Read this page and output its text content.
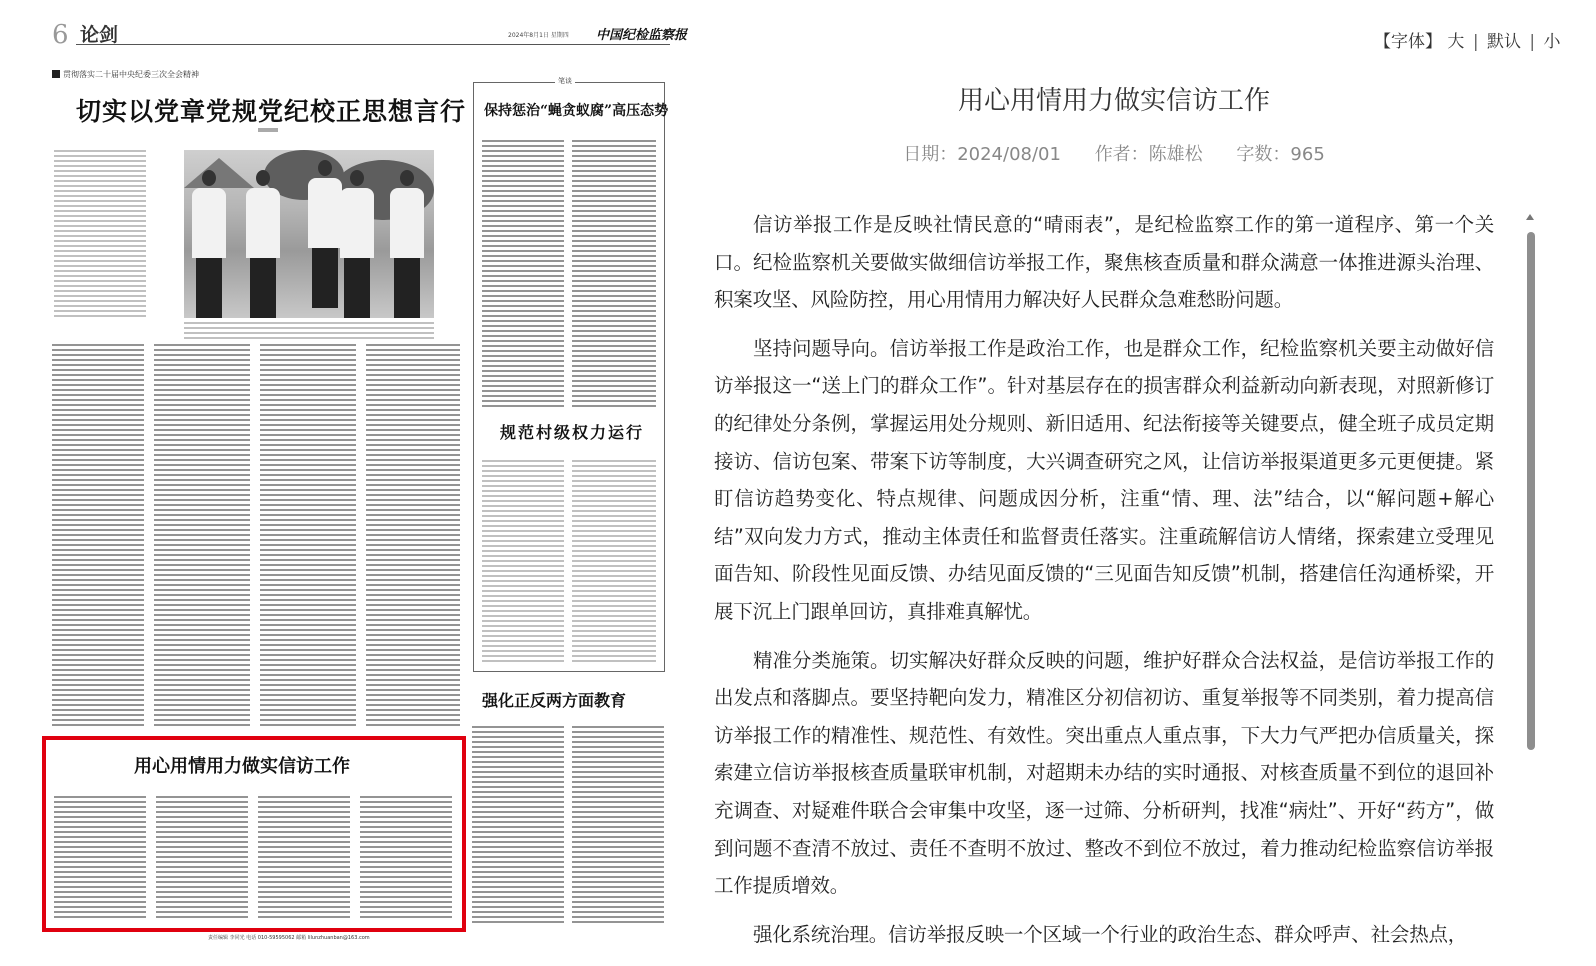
6 论剑	2024年8月1日 星期四 中国纪检监察报
贯彻落实二十届中央纪委三次全会精神
切实以党章党规党纪校正思想言行
笔谈
保持惩治“蝇贪蚁腐”高压态势
规范村级权力运行
强化正反两方面教育
用心用情用力做实信访工作
责任编辑 李同光 电话 010-59595062 邮箱 lilunzhuanban@163.com
【字体】 大 | 默认 | 小
用心用情用力做实信访工作
日期：2024/08/01 作者：陈雄松 字数：965

信访举报工作是反映社情民意的“晴雨表”，是纪检监察工作的第一道程序、第一个关口。纪检监察机关要做实做细信访举报工作，聚焦核查质量和群众满意一体推进源头治理、积案攻坚、风险防控，用心用情用力解决好人民群众急难愁盼问题。

坚持问题导向。信访举报工作是政治工作，也是群众工作，纪检监察机关要主动做好信访举报这一“送上门的群众工作”。针对基层存在的损害群众利益新动向新表现，对照新修订的纪律处分条例，掌握运用处分规则、新旧适用、纪法衔接等关键要点，健全班子成员定期接访、信访包案、带案下访等制度，大兴调查研究之风，让信访举报渠道更多元更便捷。紧盯信访趋势变化、特点规律、问题成因分析，注重“情、理、法”结合，以“解问题+解心结”双向发力方式，推动主体责任和监督责任落实。注重疏解信访人情绪，探索建立受理见面告知、阶段性见面反馈、办结见面反馈的“三见面告知反馈”机制，搭建信任沟通桥梁，开展下沉上门跟单回访，真排难真解忧。

精准分类施策。切实解决好群众反映的问题，维护好群众合法权益，是信访举报工作的出发点和落脚点。要坚持靶向发力，精准区分初信初访、重复举报等不同类别，着力提高信访举报工作的精准性、规范性、有效性。突出重点人重点事，下大力气严把办信质量关，探索建立信访举报核查质量联审机制，对超期未办结的实时通报、对核查质量不到位的退回补充调查、对疑难件联合会审集中攻坚，逐一过筛、分析研判，找准“病灶”、开好“药方”，做到问题不查清不放过、责任不查明不放过、整改不到位不放过，着力推动纪检监察信访举报工作提质增效。

强化系统治理。信访举报反映一个区域一个行业的政治生态、群众呼声、社会热点，
